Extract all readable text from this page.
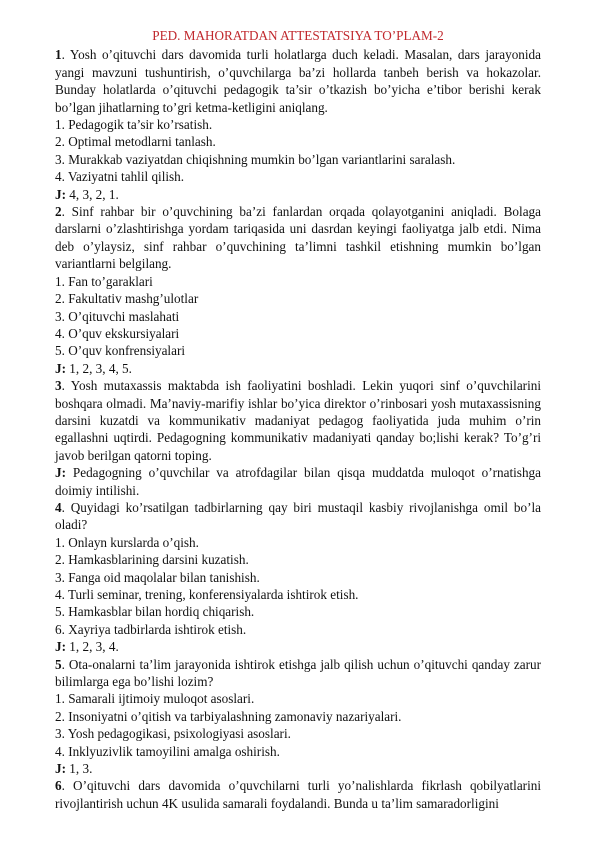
PED. MAHORATDAN ATTESTATSIYA TO’PLAM-2
1. Yosh o’qituvchi dars davomida turli holatlarga duch keladi. Masalan, dars jarayonida yangi mavzuni tushuntirish, o’quvchilarga ba’zi hollarda tanbeh berish va hokazolar. Bunday holatlarda o’qituvchi pedagogik ta’sir o’tkazish bo’yicha e’tibor berishi kerak bo’lgan jihatlarning to’gri ketma-ketligini aniqlang.
1. Pedagogik ta’sir ko’rsatish.
2. Optimal metodlarni tanlash.
3. Murakkab vaziyatdan chiqishning mumkin bo’lgan variantlarini saralash.
4. Vaziyatni tahlil qilish.
J: 4, 3, 2, 1.
2. Sinf rahbar bir o’quvchining ba’zi fanlardan orqada qolayotganini aniqladi. Bolaga darslarni o’zlashtirishga yordam tariqasida uni dasrdan keyingi faoliyatga jalb etdi. Nima deb o’ylaysiz, sinf rahbar o’quvchining ta’limni tashkil etishning mumkin bo’lgan variantlarni belgilang.
1. Fan to’garaklari
2. Fakultativ mashg’ulotlar
3. O’qituvchi maslahati
4. O’quv ekskursiyalari
5. O’quv konfrensiyalari
J: 1, 2, 3, 4, 5.
3. Yosh mutaxassis maktabda ish faoliyatini boshladi. Lekin yuqori sinf o’quvchilarini boshqara olmadi. Ma’naviy-marifiy ishlar bo’yica direktor o’rinbosari yosh mutaxassisning darsini kuzatdi va kommunikativ madaniyat pedagog faoliyatida juda muhim o’rin egallashni uqtirdi. Pedagogning kommunikativ madaniyati qanday bo;lishi kerak? To’g’ri javob berilgan qatorni toping.
J: Pedagogning o’quvchilar va atrofdagilar bilan qisqa muddatda muloqot o’rnatishga doimiy intilishi.
4. Quyidagi ko’rsatilgan tadbirlarning qay biri mustaqil kasbiy rivojlanishga omil bo’la oladi?
1. Onlayn kurslarda o’qish.
2. Hamkasblarining darsini kuzatish.
3. Fanga oid maqolalar bilan tanishish.
4. Turli seminar, trening, konferensiyalarda ishtirok etish.
5. Hamkasblar bilan hordiq chiqarish.
6. Xayriya tadbirlarda ishtirok etish.
J: 1, 2, 3, 4.
5. Ota-onalarni ta’lim jarayonida ishtirok etishga jalb qilish uchun o’qituvchi qanday zarur bilimlarga ega bo’lishi lozim?
1. Samarali ijtimoiy muloqot asoslari.
2. Insoniyatni o’qitish va tarbiyalashning zamonaviy nazariyalari.
3. Yosh pedagogikasi, psixologiyasi asoslari.
4. Inklyuzivlik tamoyilini amalga oshirish.
J: 1, 3.
6. O’qituvchi dars davomida o’quvchilarni turli yo’nalishlarda fikrlash qobilyatlarini rivojlantirish uchun 4K usulida samarali foydalandi. Bunda u ta’lim samaradorligini
